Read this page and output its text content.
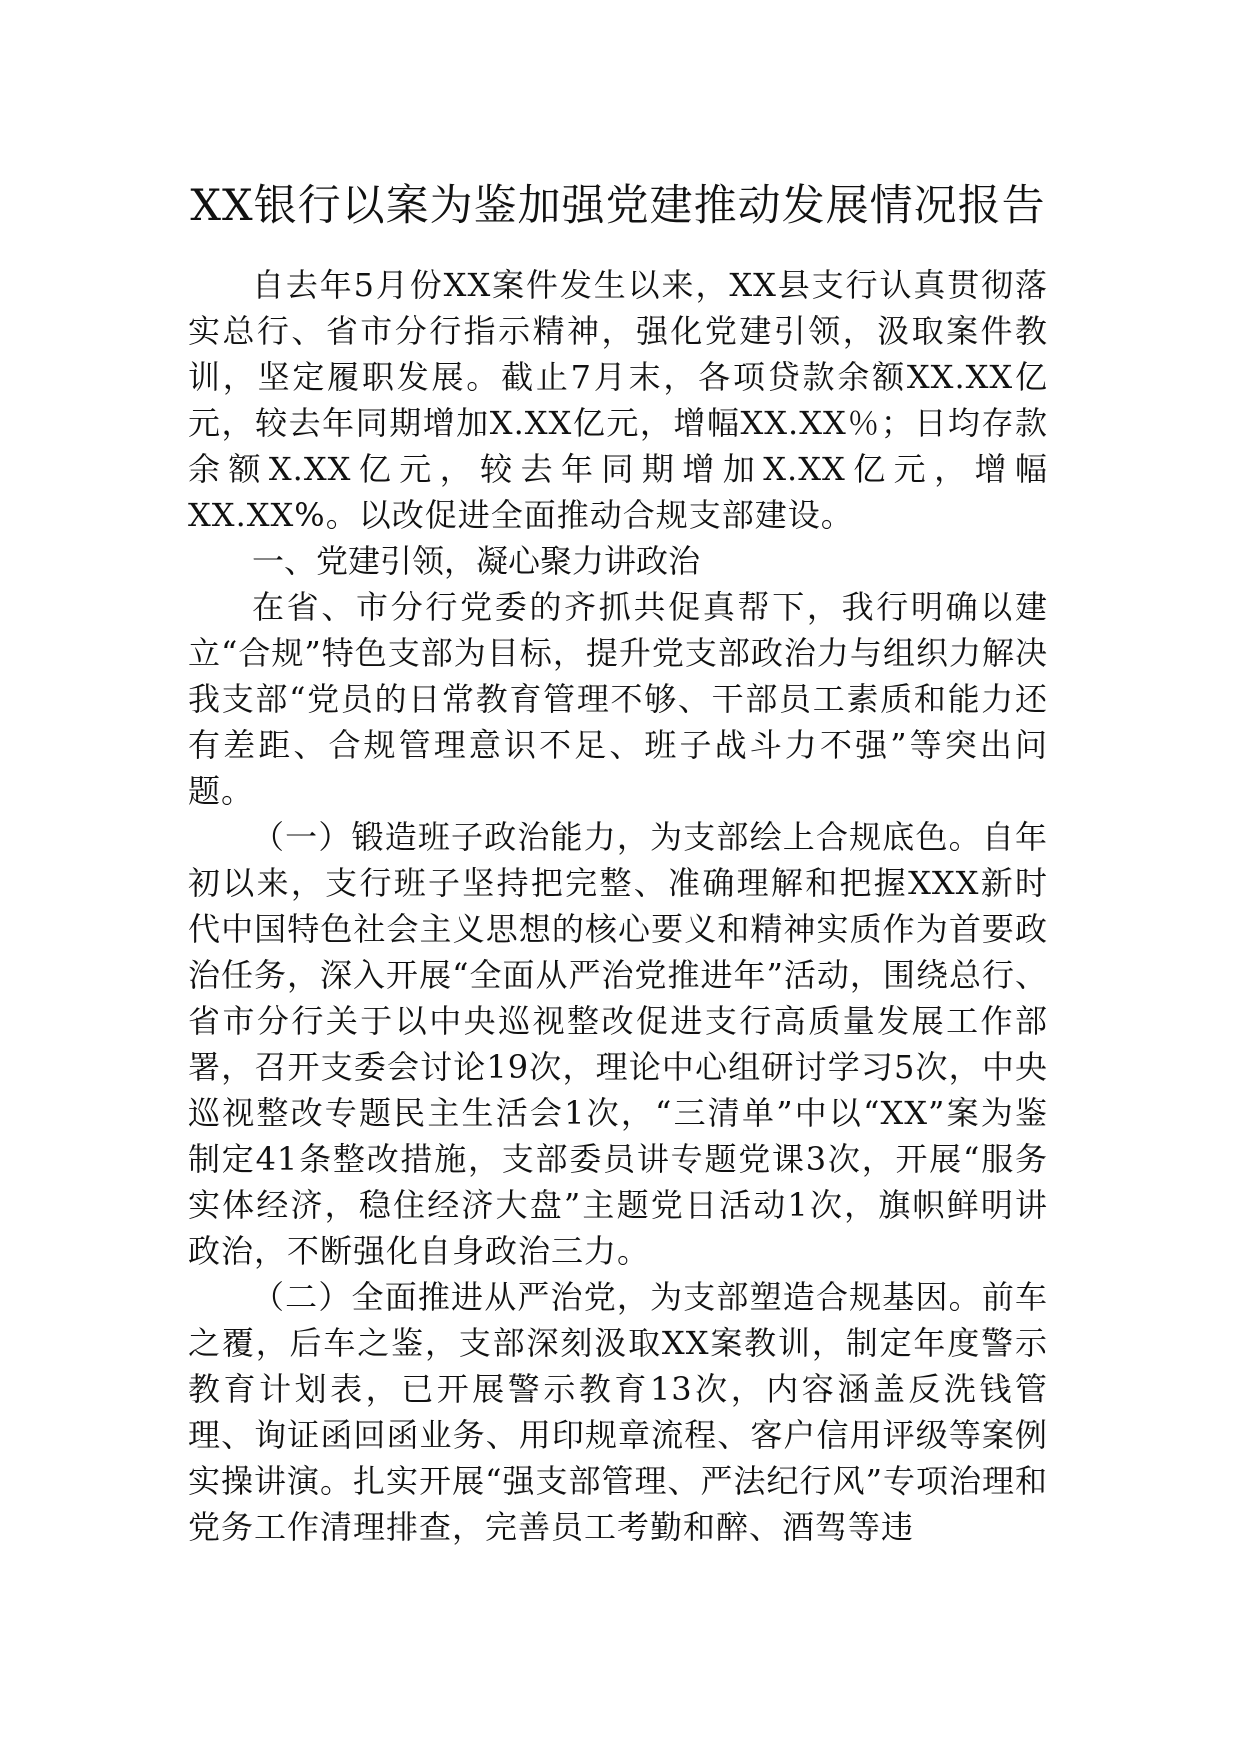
XX银行以案为鉴加强党建推动发展情况报告

自去年5月份XX案件发生以来，XX县支行认真贯彻落实总行、省市分行指示精神，强化党建引领，汲取案件教训，坚定履职发展。截止7月末，各项贷款余额XX.XX亿元，较去年同期增加X.XX亿元，增幅XX.XX％；日均存款余额X.XX亿元，较去年同期增加X.XX亿元，增幅XX.XX%。以改促进全面推动合规支部建设。

一、党建引领，凝心聚力讲政治

在省、市分行党委的齐抓共促真帮下，我行明确以建立“合规”特色支部为目标，提升党支部政治力与组织力解决我支部“党员的日常教育管理不够、干部员工素质和能力还有差距、合规管理意识不足、班子战斗力不强”等突出问题。

（一）锻造班子政治能力，为支部绘上合规底色。自年初以来，支行班子坚持把完整、准确理解和把握XXX新时代中国特色社会主义思想的核心要义和精神实质作为首要政治任务，深入开展“全面从严治党推进年”活动，围绕总行、省市分行关于以中央巡视整改促进支行高质量发展工作部署，召开支委会讨论19次，理论中心组研讨学习5次，中央巡视整改专题民主生活会1次，“三清单”中以“XX”案为鉴制定41条整改措施，支部委员讲专题党课3次，开展“服务实体经济，稳住经济大盘”主题党日活动1次，旗帜鲜明讲政治，不断强化自身政治三力。

（二）全面推进从严治党，为支部塑造合规基因。前车之覆，后车之鉴，支部深刻汲取XX案教训，制定年度警示教育计划表，已开展警示教育13次，内容涵盖反洗钱管理、询证函回函业务、用印规章流程、客户信用评级等案例实操讲演。扎实开展“强支部管理、严法纪行风”专项治理和党务工作清理排查，完善员工考勤和醉、酒驾等违
